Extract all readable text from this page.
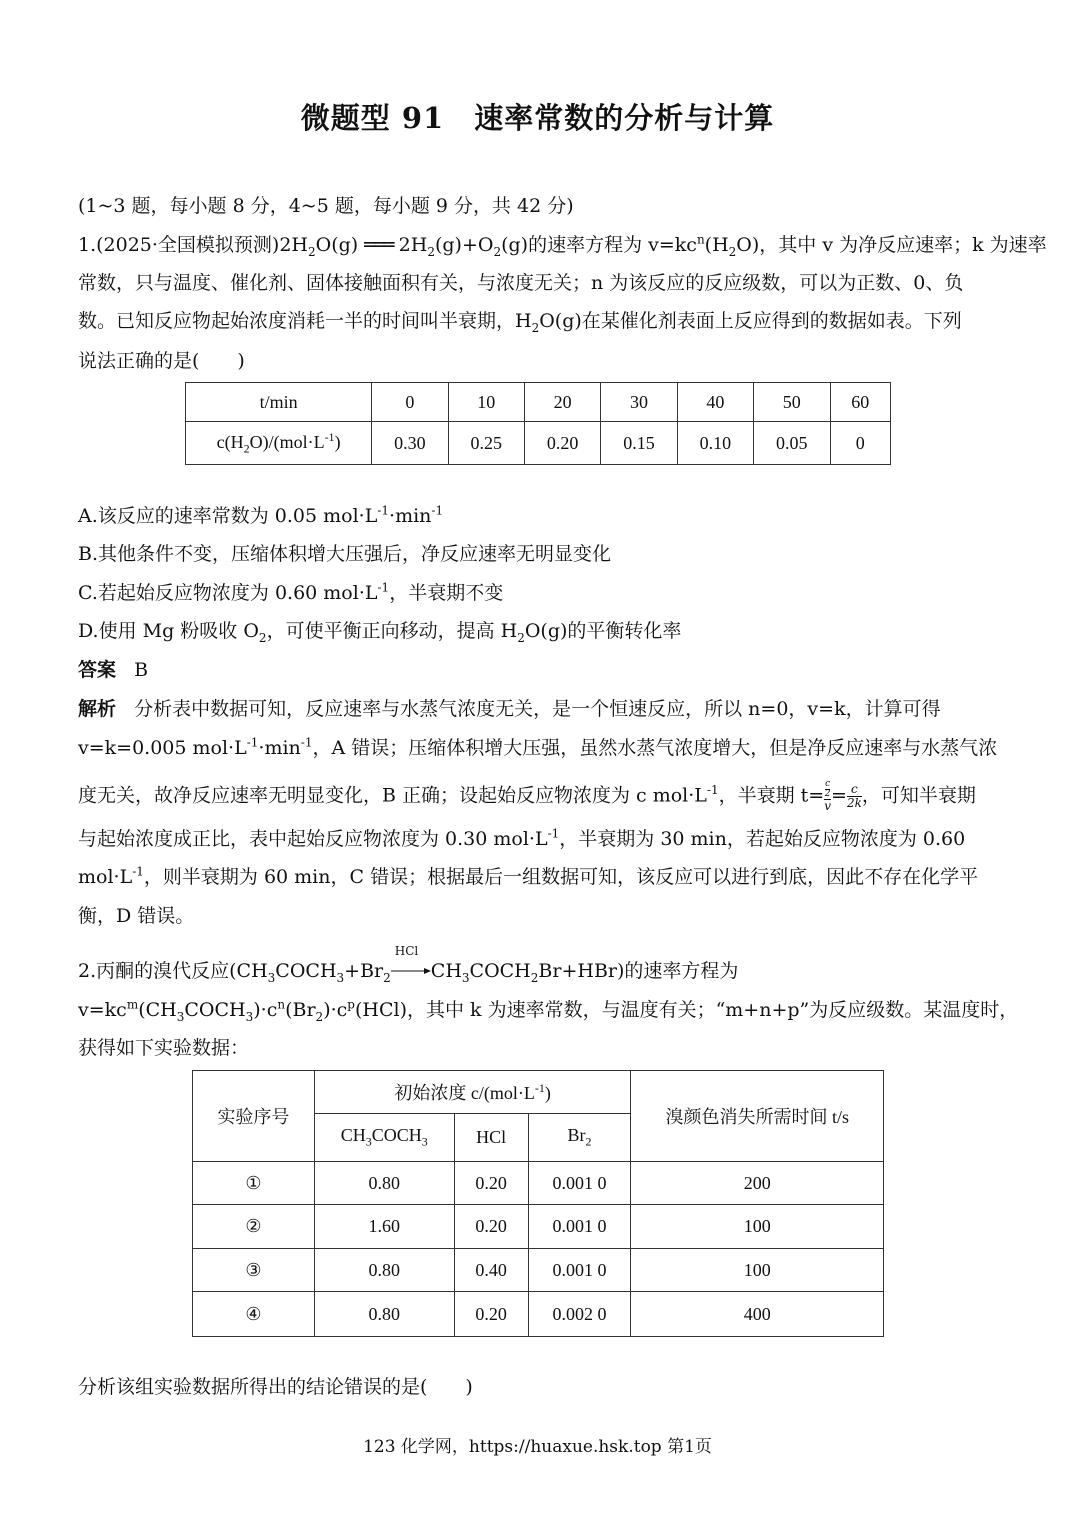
微题型 91　速率常数的分析与计算
(1~3 题，每小题 8 分，4~5 题，每小题 9 分，共 42 分)
1.(2025·全国模拟预测)$2H_2O(g)$ ═══ $2H_2(g)+O_2(g)$的速率方程为 $v=kc^n(H_2O)$，其中 v 为净反应速率；k 为速率
常数，只与温度、催化剂、固体接触面积有关，与浓度无关；n 为该反应的反应级数，可以为正数、0、负
数。已知反应物起始浓度消耗一半的时间叫半衰期，$H_2O(g)$在某催化剂表面上反应得到的数据如表。下列
说法正确的是(　　)
t/min	0	10	20	30	40	50	60
$c(H_2O)/(mol\cdot L^{-1})$	0.30	0.25	0.20	0.15	0.10	0.05	0
A.该反应的速率常数为 0.05 $mol\cdot L^{-1}\cdot\min^{-1}$
B.其他条件不变，压缩体积增大压强后，净反应速率无明显变化
C.若起始反应物浓度为 0.60 $mol\cdot L^{-1}$，半衰期不变
D.使用 Mg 粉吸收 $O_2$，可使平衡正向移动，提高 $H_2O(g)$的平衡转化率
答案 B
解析 分析表中数据可知，反应速率与水蒸气浓度无关，是一个恒速反应，所以 n=0，v=k，计算可得
v=k=0.005 $mol\cdot L^{-1}\cdot\min^{-1}$，A 错误；压缩体积增大压强，虽然水蒸气浓度增大，但是净反应速率与水蒸气浓
度无关，故净反应速率无明显变化，B 正确；设起始反应物浓度为 c $mol\cdot L^{-1}$，半衰期 $t= \frac{\frac{c}{2}}{v} = \frac{c}{2k}$ ，可知半衰期
与起始浓度成正比，表中起始反应物浓度为 0.30 $mol\cdot L^{-1}$，半衰期为 30 min，若起始反应物浓度为 0.60
$mol\cdot L^{-1}$，则半衰期为 60 min，C 错误；根据最后一组数据可知，该反应可以进行到底，因此不存在化学平
衡，D 错误。
2.丙酮的溴代反应($CH_3COCH_3+Br_2$
HCl
$CH_3COCH_2Br+HBr$)的速率方程为
$v=kc^m(CH_3COCH_3)\cdot c^n(Br_2)\cdot c^p(HCl)$，其中 k 为速率常数，与温度有关；“m+n+p”为反应级数。某温度时，
获得如下实验数据：
实验序号	初始浓度 $c/(mol\cdot L^{-1})$			溴颜色消失所需时间 t/s
	$CH_3COCH_3$	HCl	$Br_2$
①	0.80	0.20	0.001 0	200
②	1.60	0.20	0.001 0	100
③	0.80	0.40	0.001 0	100
④	0.80	0.20	0.002 0	400
分析该组实验数据所得出的结论错误的是(　　)
123 化学网，https://huaxue.hsk.top 第1页
